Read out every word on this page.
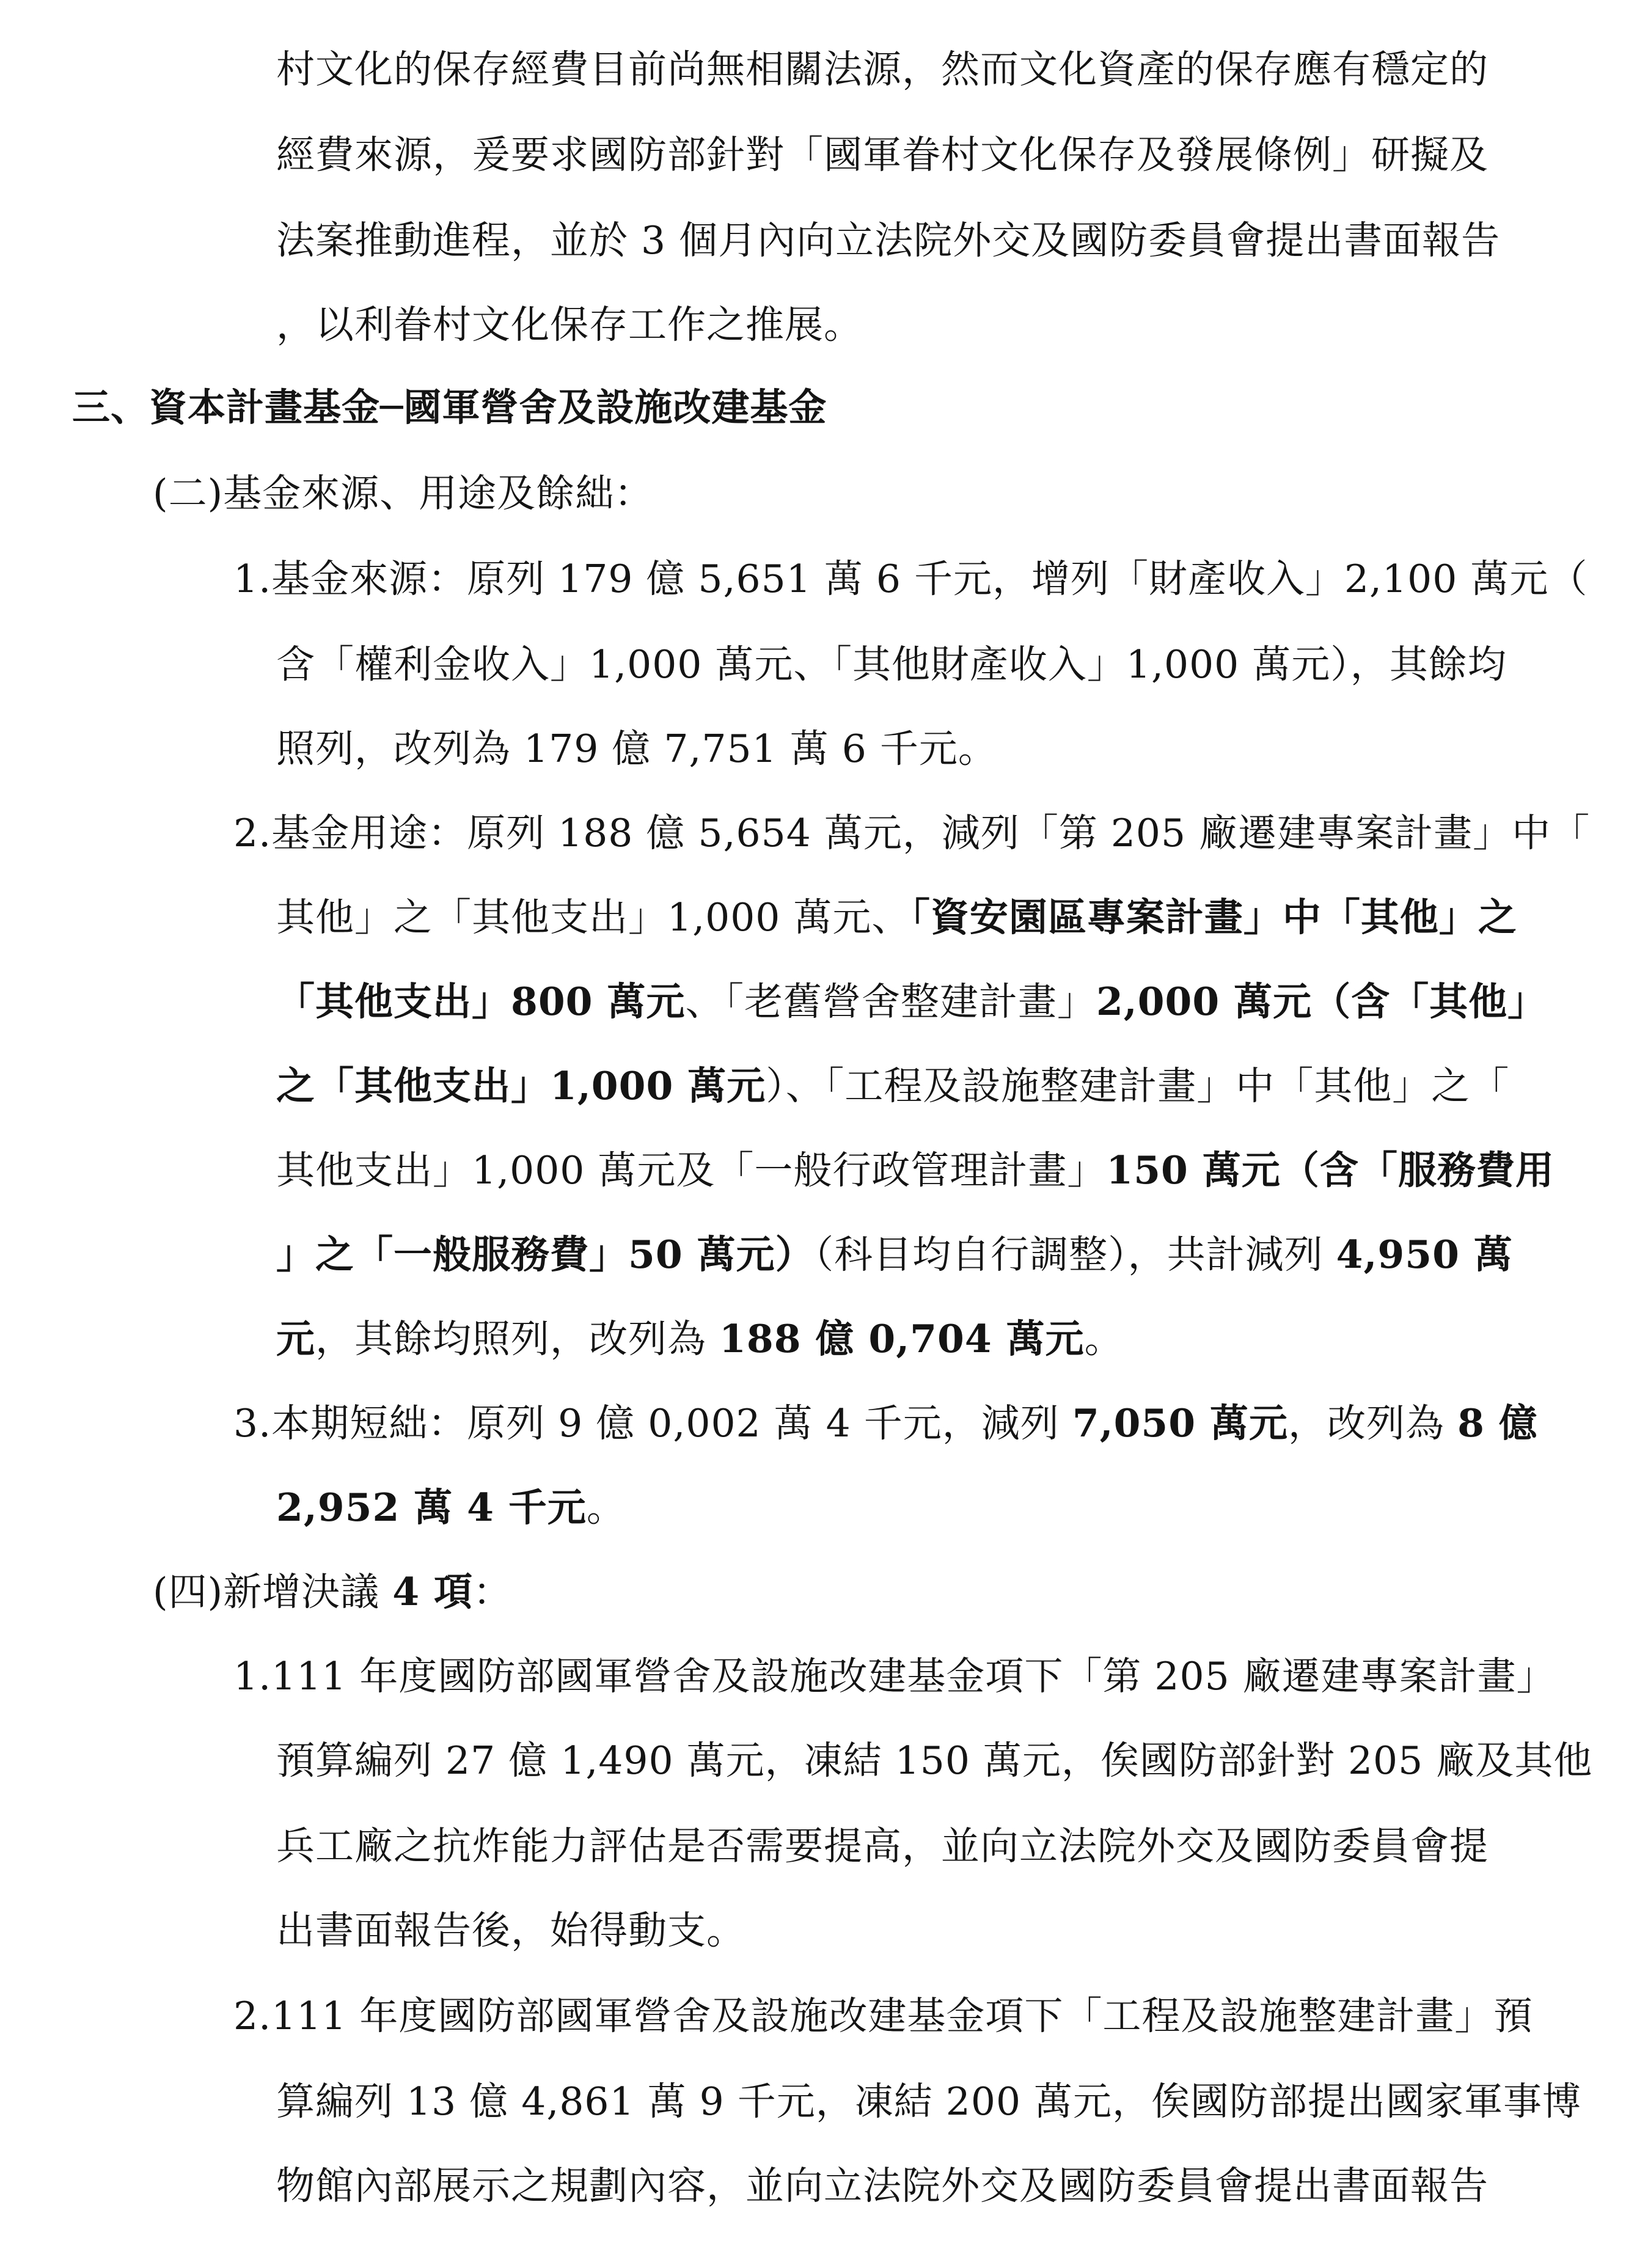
村文化的保存經費目前尚無相關法源，然而文化資產的保存應有穩定的
經費來源，爰要求國防部針對「國軍眷村文化保存及發展條例」研擬及
法案推動進程，並於 3 個月內向立法院外交及國防委員會提出書面報告
，以利眷村文化保存工作之推展。
三、資本計畫基金─國軍營舍及設施改建基金
(二)基金來源、用途及餘絀：
1.基金來源：原列 179 億 5,651 萬 6 千元，增列「財產收入」2,100 萬元（
含「權利金收入」1,000 萬元、「其他財產收入」1,000 萬元），其餘均
照列，改列為 179 億 7,751 萬 6 千元。
2.基金用途：原列 188 億 5,654 萬元，減列「第 205 廠遷建專案計畫」中「
其他」之「其他支出」1,000 萬元、「資安園區專案計畫」中「其他」之
「其他支出」800 萬元、「老舊營舍整建計畫」2,000 萬元（含「其他」
之「其他支出」1,000 萬元）、「工程及設施整建計畫」中「其他」之「
其他支出」1,000 萬元及「一般行政管理計畫」150 萬元（含「服務費用
」之「一般服務費」50 萬元）（科目均自行調整），共計減列 4,950 萬
元，其餘均照列，改列為 188 億 0,704 萬元。
3.本期短絀：原列 9 億 0,002 萬 4 千元，減列 7,050 萬元，改列為 8 億
2,952 萬 4 千元。
(四)新增決議 4 項：
1.111 年度國防部國軍營舍及設施改建基金項下「第 205 廠遷建專案計畫」
預算編列 27 億 1,490 萬元，凍結 150 萬元，俟國防部針對 205 廠及其他
兵工廠之抗炸能力評估是否需要提高，並向立法院外交及國防委員會提
出書面報告後，始得動支。
2.111 年度國防部國軍營舍及設施改建基金項下「工程及設施整建計畫」預
算編列 13 億 4,861 萬 9 千元，凍結 200 萬元，俟國防部提出國家軍事博
物館內部展示之規劃內容，並向立法院外交及國防委員會提出書面報告
